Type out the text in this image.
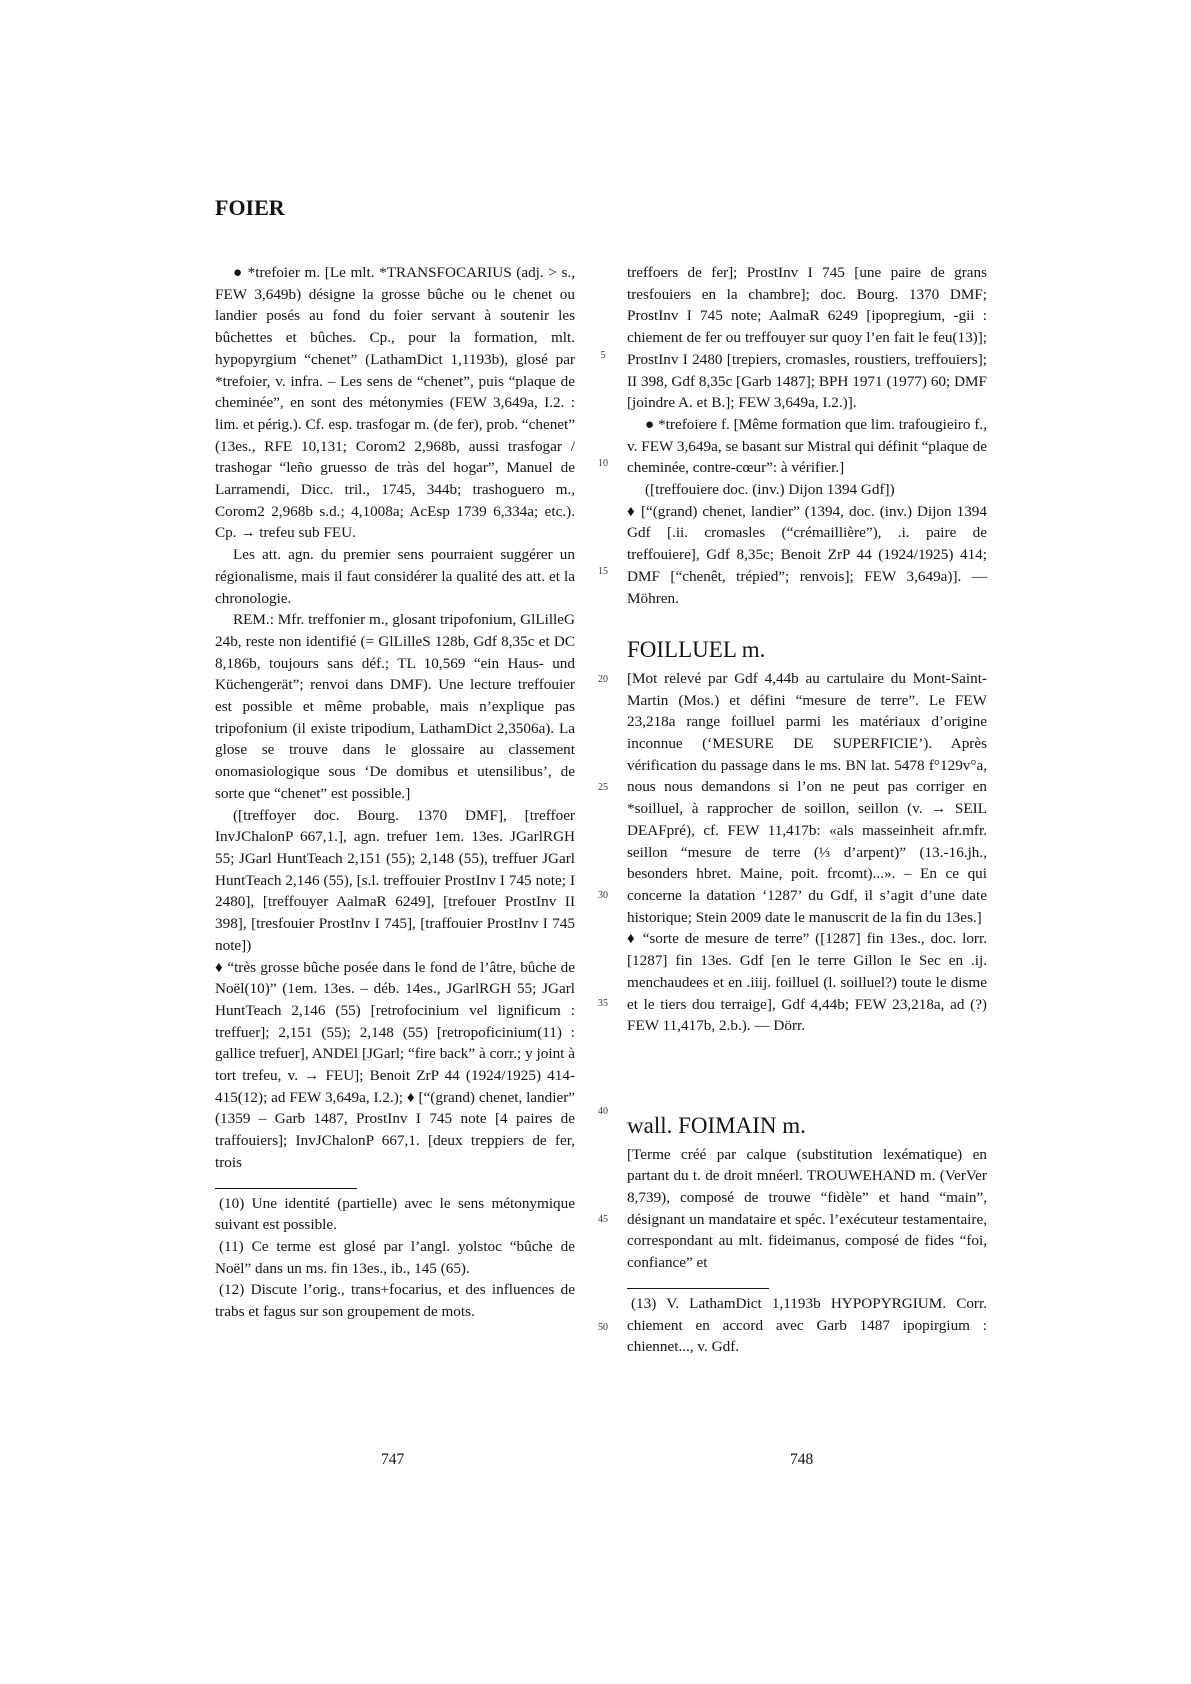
FOIER

● *trefoier m. [Le mlt. *TRANSFOCARIUS (adj. > s., FEW 3,649b) désigne la grosse bûche ou le chenet ou landier posés au fond du foier servant à soutenir les bûchettes et bûches. Cp., pour la formation, mlt. hypopyrgium “chenet” (LathamDict 1,1193b), glosé par *trefoier, v. infra. – Les sens de “chenet”, puis “plaque de cheminée”, en sont des métonymies (FEW 3,649a, I.2. : lim. et périg.). Cf. esp. trasfogar m. (de fer), prob. “chenet” (13es., RFE 10,131; Corom2 2,968b, aussi trasfogar / trashogar “leño gruesso de tràs del hogar”, Manuel de Larramendi, Dicc. tril., 1745, 344b; trashoguero m., Corom2 2,968b s.d.; 4,1008a; AcEsp 1739 6,334a; etc.). Cp. → trefeu sub FEU.

Les att. agn. du premier sens pourraient suggérer un régionalisme, mais il faut considérer la qualité des att. et la chronologie.

REM.: Mfr. treffonier m., glosant tripofonium, GlLilleG 24b, reste non identifié (= GlLilleS 128b, Gdf 8,35c et DC 8,186b, toujours sans déf.; TL 10,569 “ein Haus- und Küchengerät”; renvoi dans DMF). Une lecture treffouier est possible et même probable, mais n’explique pas tripofonium (il existe tripodium, LathamDict 2,3506a). La glose se trouve dans le glossaire au classement onomasiologique sous ‘De domibus et utensilibus’, de sorte que “chenet” est possible.]

([treffoyer doc. Bourg. 1370 DMF], [treffoer InvJChalonP 667,1.], agn. trefuer 1em. 13es. JGarlRGH 55; JGarl HuntTeach 2,151 (55); 2,148 (55), treffuer JGarl HuntTeach 2,146 (55), [s.l. treffouier ProstInv I 745 note; I 2480], [treffouyer AalmaR 6249], [trefouer ProstInv II 398], [tresfouier ProstInv I 745], [traffouier ProstInv I 745 note])

♦ “très grosse bûche posée dans le fond de l’âtre, bûche de Noël(10)” (1em. 13es. – déb. 14es., JGarlRGH 55; JGarl HuntTeach 2,146 (55) [retrofocinium vel lignificum : treffuer]; 2,151 (55); 2,148 (55) [retropoficinium(11) : gallice trefuer], ANDEl [JGarl; “fire back” à corr.; y joint à tort trefeu, v. → FEU]; Benoit ZrP 44 (1924/1925) 414-415(12); ad FEW 3,649a, I.2.); ♦ [“(grand) chenet, landier” (1359 – Garb 1487, ProstInv I 745 note [4 paires de traffouiers]; InvJChalonP 667,1. [deux treppiers de fer, trois

(10) Une identité (partielle) avec le sens métonymique suivant est possible.

(11) Ce terme est glosé par l’angl. yolstoc “bûche de Noël” dans un ms. fin 13es., ib., 145 (65).

(12) Discute l’orig., trans+focarius, et des influences de trabs et fagus sur son groupement de mots.

treffoers de fer]; ProstInv I 745 [une paire de grans tresfouiers en la chambre]; doc. Bourg. 1370 DMF; ProstInv I 745 note; AalmaR 6249 [ipopregium, -gii : chiement de fer ou treffouyer sur quoy l’en fait le feu(13)]; ProstInv I 2480 [trepiers, cromasles, roustiers, treffouiers]; II 398, Gdf 8,35c [Garb 1487]; BPH 1971 (1977) 60; DMF [joindre A. et B.]; FEW 3,649a, I.2.)].

● *trefoiere f. [Même formation que lim. trafougieiro f., v. FEW 3,649a, se basant sur Mistral qui définit “plaque de cheminée, contre-cœur”: à vérifier.]

([treffouiere doc. (inv.) Dijon 1394 Gdf])

♦ [“(grand) chenet, landier” (1394, doc. (inv.) Dijon 1394 Gdf [.ii. cromasles (“crémaillière”), .i. paire de treffouiere], Gdf 8,35c; Benoit ZrP 44 (1924/1925) 414; DMF [“chenêt, trépied”; renvois]; FEW 3,649a)]. — Möhren.

FOILLUEL m.

[Mot relevé par Gdf 4,44b au cartulaire du Mont-Saint-Martin (Mos.) et défini “mesure de terre”. Le FEW 23,218a range foilluel parmi les matériaux d’origine inconnue (‘MESURE DE SUPERFICIE’). Après vérification du passage dans le ms. BN lat. 5478 f°129v°a, nous nous demandons si l’on ne peut pas corriger en *soilluel, à rapprocher de soillon, seillon (v. → SEIL DEAFpré), cf. FEW 11,417b: «als masseinheit afr.mfr. seillon “mesure de terre (⅓ d’arpent)” (13.-16.jh., besonders hbret. Maine, poit. frcomt)...». – En ce qui concerne la datation ‘1287’ du Gdf, il s’agit d’une date historique; Stein 2009 date le manuscrit de la fin du 13es.]

♦ “sorte de mesure de terre” ([1287] fin 13es., doc. lorr. [1287] fin 13es. Gdf [en le terre Gillon le Sec en .ij. menchaudees et en .iiij. foilluel (l. soilluel?) toute le disme et le tiers dou terraige], Gdf 4,44b; FEW 23,218a, ad (?) FEW 11,417b, 2.b.). — Dörr.

wall. FOIMAIN m.

[Terme créé par calque (substitution lexématique) en partant du t. de droit mnéerl. TROUWEHAND m. (VerVer 8,739), composé de trouwe “fidèle” et hand “main”, désignant un mandataire et spéc. l’exécuteur testamentaire, correspondant au mlt. fideimanus, composé de fides “foi, confiance” et

(13) V. LathamDict 1,1193b HYPOPYRGIUM. Corr. chiement en accord avec Garb 1487 ipopirgium : chiennet..., v. Gdf.

5
10
15
20
25
30
35
40
45
50
747	748
